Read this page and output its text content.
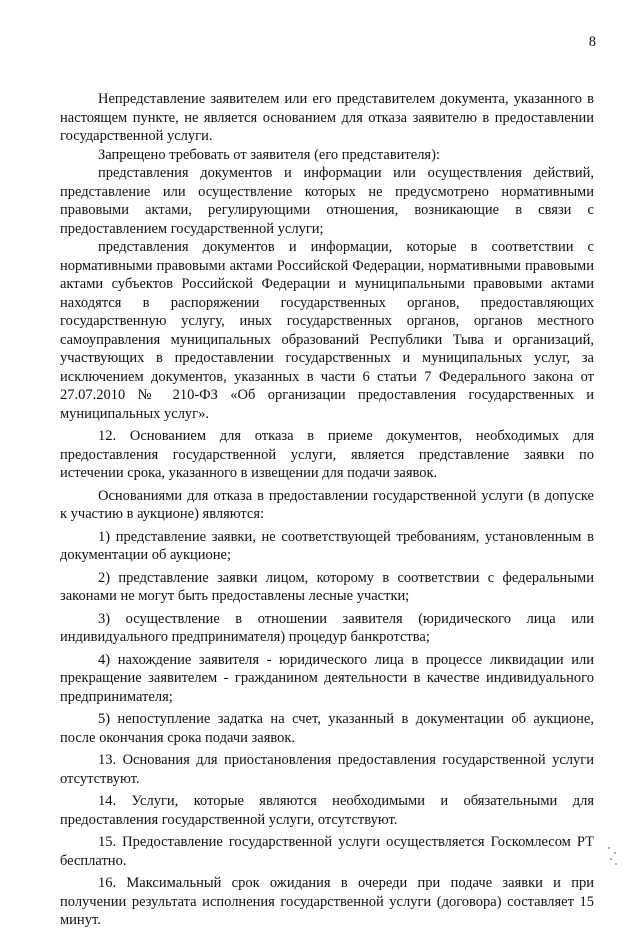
8

Непредставление заявителем или его представителем документа, указанного в настоящем пункте, не является основанием для отказа заявителю в предоставлении государственной услуги.

Запрещено требовать от заявителя (его представителя):

представления документов и информации или осуществления действий, представление или осуществление которых не предусмотрено нормативными правовыми актами, регулирующими отношения, возникающие в связи с предоставлением государственной услуги;

представления документов и информации, которые в соответствии с нормативными правовыми актами Российской Федерации, нормативными правовыми актами субъектов Российской Федерации и муниципальными правовыми актами находятся в распоряжении государственных органов, предоставляющих государственную услугу, иных государственных органов, органов местного самоуправления муниципальных образований Республики Тыва и организаций, участвующих в предоставлении государственных и муниципальных услуг, за исключением документов, указанных в части 6 статьи 7 Федерального закона от 27.07.2010 № 210-ФЗ «Об организации предоставления государственных и муниципальных услуг».

12. Основанием для отказа в приеме документов, необходимых для предоставления государственной услуги, является представление заявки по истечении срока, указанного в извещении для подачи заявок.

Основаниями для отказа в предоставлении государственной услуги (в допуске к участию в аукционе) являются:

1) представление заявки, не соответствующей требованиям, установленным в документации об аукционе;

2) представление заявки лицом, которому в соответствии с федеральными законами не могут быть предоставлены лесные участки;

3) осуществление в отношении заявителя (юридического лица или индивидуального предпринимателя) процедур банкротства;

4) нахождение заявителя - юридического лица в процессе ликвидации или прекращение заявителем - гражданином деятельности в качестве индивидуального предпринимателя;

5) непоступление задатка на счет, указанный в документации об аукционе, после окончания срока подачи заявок.

13. Основания для приостановления предоставления государственной услуги отсутствуют.

14. Услуги, которые являются необходимыми и обязательными для предоставления государственной услуги, отсутствуют.

15. Предоставление государственной услуги осуществляется Госкомлесом РТ бесплатно.

16. Максимальный срок ожидания в очереди при подаче заявки и при получении результата исполнения государственной услуги (договора) составляет 15 минут.
